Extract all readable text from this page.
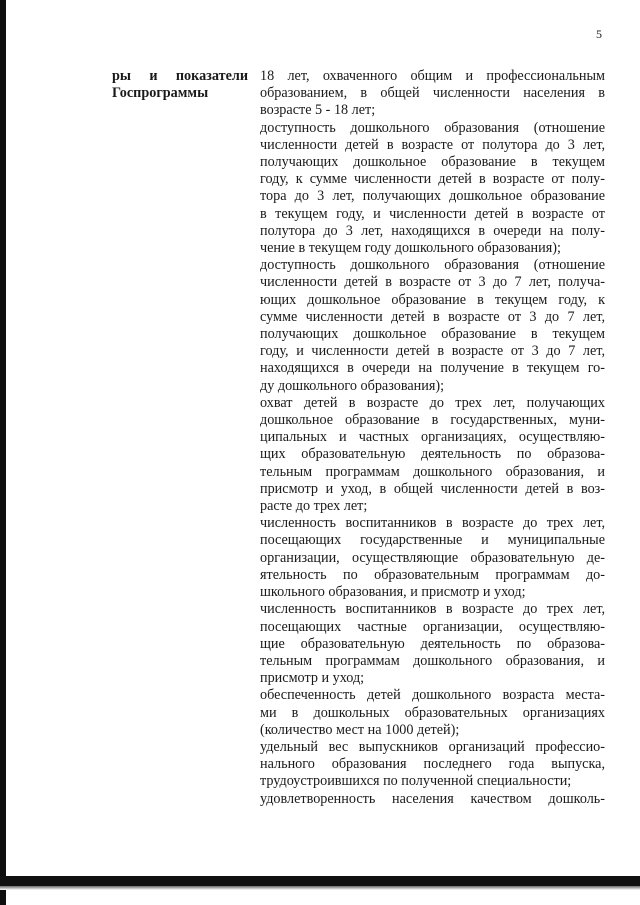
5
ры и показатели
Госпрограммы
18 лет, охваченного общим и профессиональным
образованием, в общей численности населения в
возрасте 5 - 18 лет;
доступность дошкольного образования (отношение
численности детей в возрасте от полутора до 3 лет,
получающих дошкольное образование в текущем
году, к сумме численности детей в возрасте от полу-
тора до 3 лет, получающих дошкольное образование
в текущем году, и численности детей в возрасте от
полутора до 3 лет, находящихся в очереди на полу-
чение в текущем году дошкольного образования);
доступность дошкольного образования (отношение
численности детей в возрасте от 3 до 7 лет, получа-
ющих дошкольное образование в текущем году, к
сумме численности детей в возрасте от 3 до 7 лет,
получающих дошкольное образование в текущем
году, и численности детей в возрасте от 3 до 7 лет,
находящихся в очереди на получение в текущем го-
ду дошкольного образования);
охват детей в возрасте до трех лет, получающих
дошкольное образование в государственных, муни-
ципальных и частных организациях, осуществляю-
щих образовательную деятельность по образова-
тельным программам дошкольного образования, и
присмотр и уход, в общей численности детей в воз-
расте до трех лет;
численность воспитанников в возрасте до трех лет,
посещающих государственные и муниципальные
организации, осуществляющие образовательную де-
ятельность по образовательным программам до-
школьного образования, и присмотр и уход;
численность воспитанников в возрасте до трех лет,
посещающих частные организации, осуществляю-
щие образовательную деятельность по образова-
тельным программам дошкольного образования, и
присмотр и уход;
обеспеченность детей дошкольного возраста места-
ми в дошкольных образовательных организациях
(количество мест на 1000 детей);
удельный вес выпускников организаций профессио-
нального образования последнего года выпуска,
трудоустроившихся по полученной специальности;
удовлетворенность населения качеством дошколь-
